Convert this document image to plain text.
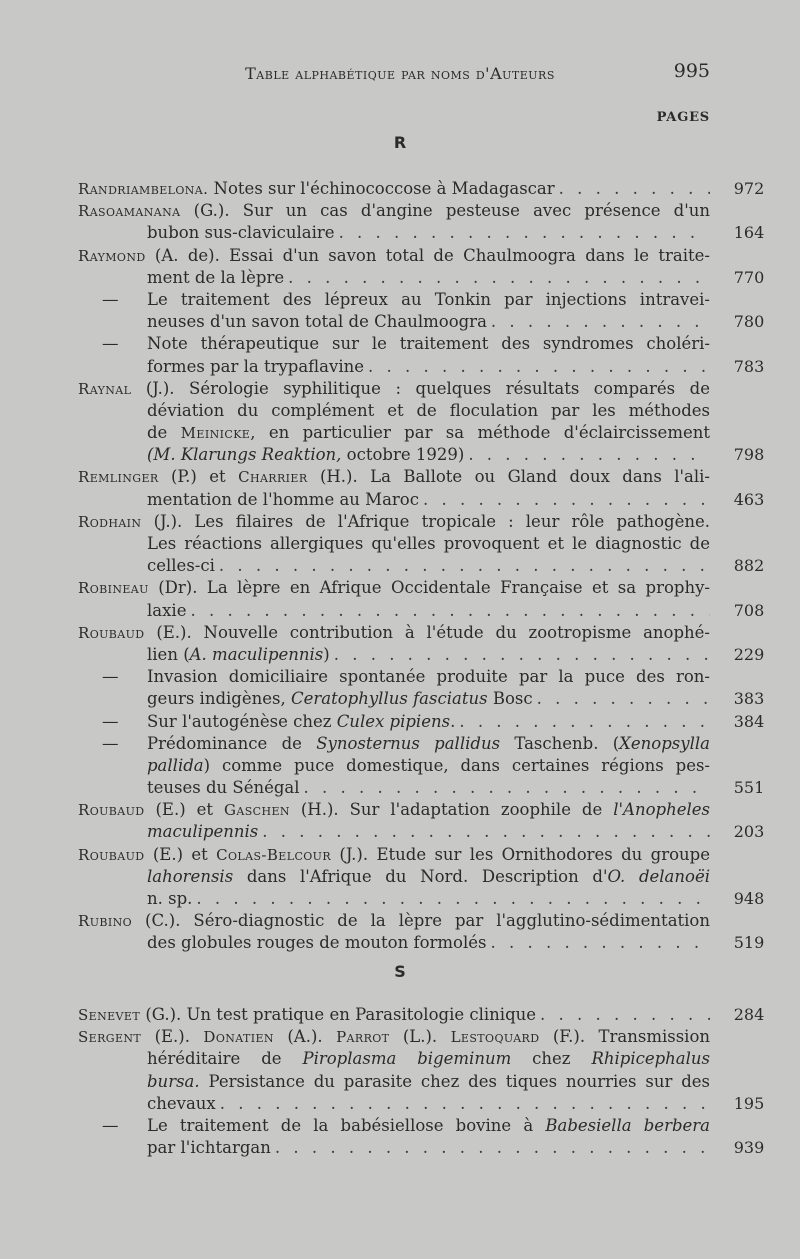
Table alphabétique par noms d'Auteurs	995
PAGES
R
Randriambelona. Notes sur l'échinococcose à Madagascar . . .	972
Rasoamanana (G.). Sur un cas d'angine pesteuse avec présence d'un
bubon sus-claviculaire . . .	164
Raymond (A. de). Essai d'un savon total de Chaulmoogra dans le traite-
ment de la lèpre . . .	770
— Le traitement des lépreux au Tonkin par injections intravei-
neuses d'un savon total de Chaulmoogra . . .	780
— Note thérapeutique sur le traitement des syndromes choléri-
formes par la trypaflavine . . .	783
Raynal (J.). Sérologie syphilitique : quelques résultats comparés de
déviation du complément et de floculation par les méthodes
de Meinicke, en particulier par sa méthode d'éclaircissement
(M. Klarungs Reaktion, octobre 1929) . . .	798
Remlinger (P.) et Charrier (H.). La Ballote ou Gland doux dans l'ali-
mentation de l'homme au Maroc . . .	463
Rodhain (J.). Les filaires de l'Afrique tropicale : leur rôle pathogène.
Les réactions allergiques qu'elles provoquent et le diagnostic de
celles-ci . . .	882
Robineau (Dr). La lèpre en Afrique Occidentale Française et sa prophy-
laxie . . .	708
Roubaud (E.). Nouvelle contribution à l'étude du zootropisme anophé-
lien (A. maculipennis) . . .	229
— Invasion domiciliaire spontanée produite par la puce des ron-
geurs indigènes, Ceratophyllus fasciatus Bosc . . .	383
— Sur l'autogénèse chez Culex pipiens. . . .	384
— Prédominance de Synosternus pallidus Taschenb. (Xenopsylla
pallida) comme puce domestique, dans certaines régions pes-
teuses du Sénégal . . .	551
Roubaud (E.) et Gaschen (H.). Sur l'adaptation zoophile de l'Anopheles
maculipennis . . .	203
Roubaud (E.) et Colas-Belcour (J.). Etude sur les Ornithodores du groupe
lahorensis dans l'Afrique du Nord. Description d'O. delanoëi
n. sp. . . .	948
Rubino (C.). Séro-diagnostic de la lèpre par l'agglutino-sédimentation
des globules rouges de mouton formolés . . .	519
S
Senevet (G.). Un test pratique en Parasitologie clinique . . .	284
Sergent (E.). Donatien (A.). Parrot (L.). Lestoquard (F.). Transmission
héréditaire de Piroplasma bigeminum chez Rhipicephalus
bursa. Persistance du parasite chez des tiques nourries sur des
chevaux . . .	195
— Le traitement de la babésiellose bovine à Babesiella berbera
par l'ichtargan . . .	939
